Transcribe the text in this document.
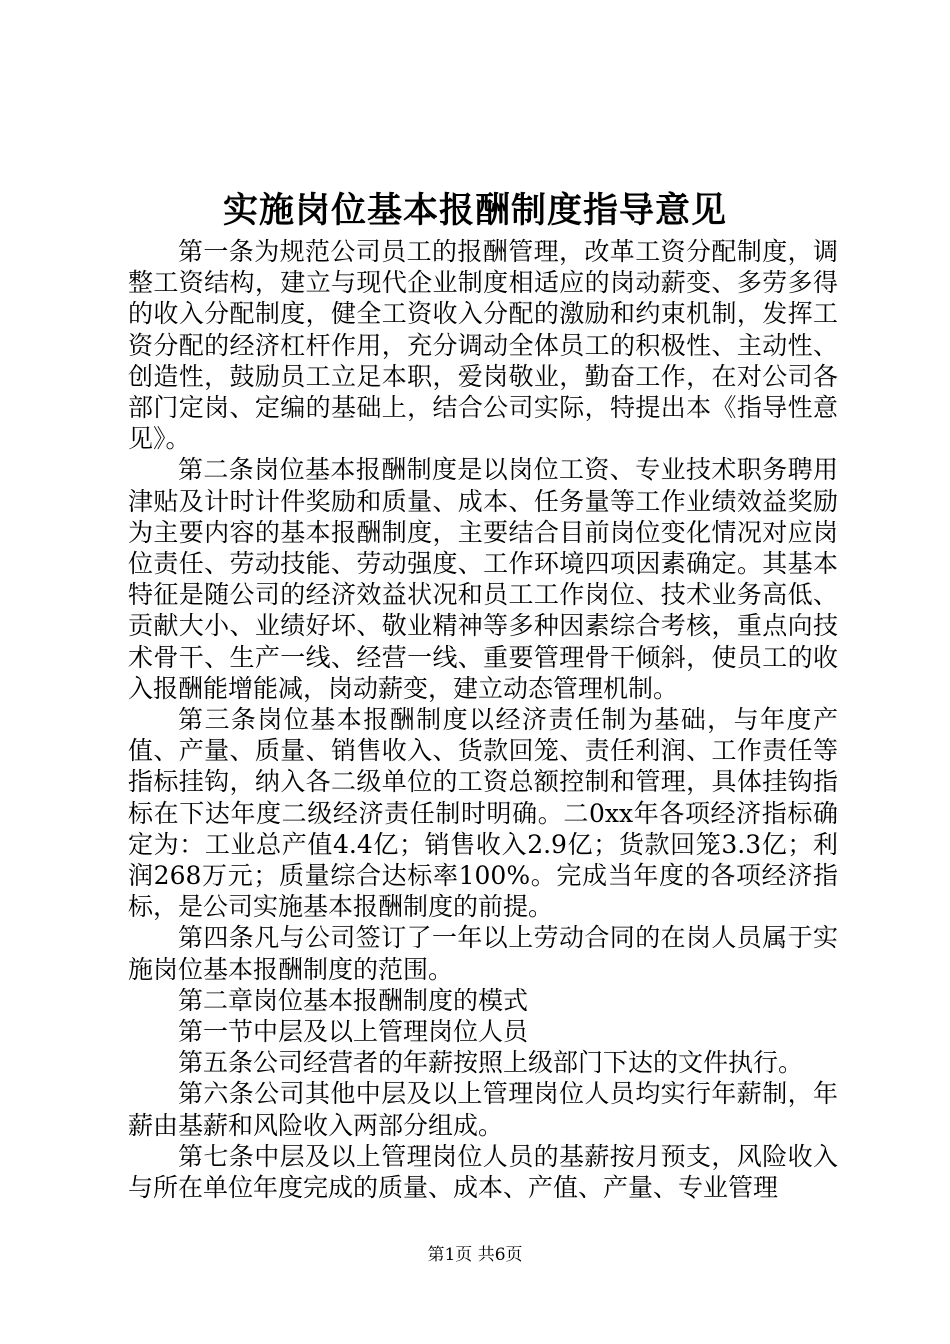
实施岗位基本报酬制度指导意见

第一条为规范公司员工的报酬管理，改革工资分配制度，调整工资结构，建立与现代企业制度相适应的岗动薪变、多劳多得的收入分配制度，健全工资收入分配的激励和约束机制，发挥工资分配的经济杠杆作用，充分调动全体员工的积极性、主动性、创造性，鼓励员工立足本职，爱岗敬业，勤奋工作，在对公司各部门定岗、定编的基础上，结合公司实际，特提出本《指导性意见》。

第二条岗位基本报酬制度是以岗位工资、专业技术职务聘用津贴及计时计件奖励和质量、成本、任务量等工作业绩效益奖励为主要内容的基本报酬制度，主要结合目前岗位变化情况对应岗位责任、劳动技能、劳动强度、工作环境四项因素确定。其基本特征是随公司的经济效益状况和员工工作岗位、技术业务高低、贡献大小、业绩好坏、敬业精神等多种因素综合考核，重点向技术骨干、生产一线、经营一线、重要管理骨干倾斜，使员工的收入报酬能增能减，岗动薪变，建立动态管理机制。

第三条岗位基本报酬制度以经济责任制为基础，与年度产值、产量、质量、销售收入、货款回笼、责任利润、工作责任等指标挂钩，纳入各二级单位的工资总额控制和管理，具体挂钩指标在下达年度二级经济责任制时明确。二0xx年各项经济指标确定为：工业总产值4.4亿；销售收入2.9亿；货款回笼3.3亿；利润268万元；质量综合达标率100%。完成当年度的各项经济指标，是公司实施基本报酬制度的前提。

第四条凡与公司签订了一年以上劳动合同的在岗人员属于实施岗位基本报酬制度的范围。

第二章岗位基本报酬制度的模式

第一节中层及以上管理岗位人员

第五条公司经营者的年薪按照上级部门下达的文件执行。

第六条公司其他中层及以上管理岗位人员均实行年薪制，年薪由基薪和风险收入两部分组成。

第七条中层及以上管理岗位人员的基薪按月预支，风险收入与所在单位年度完成的质量、成本、产值、产量、专业管理

第1页 共6页
